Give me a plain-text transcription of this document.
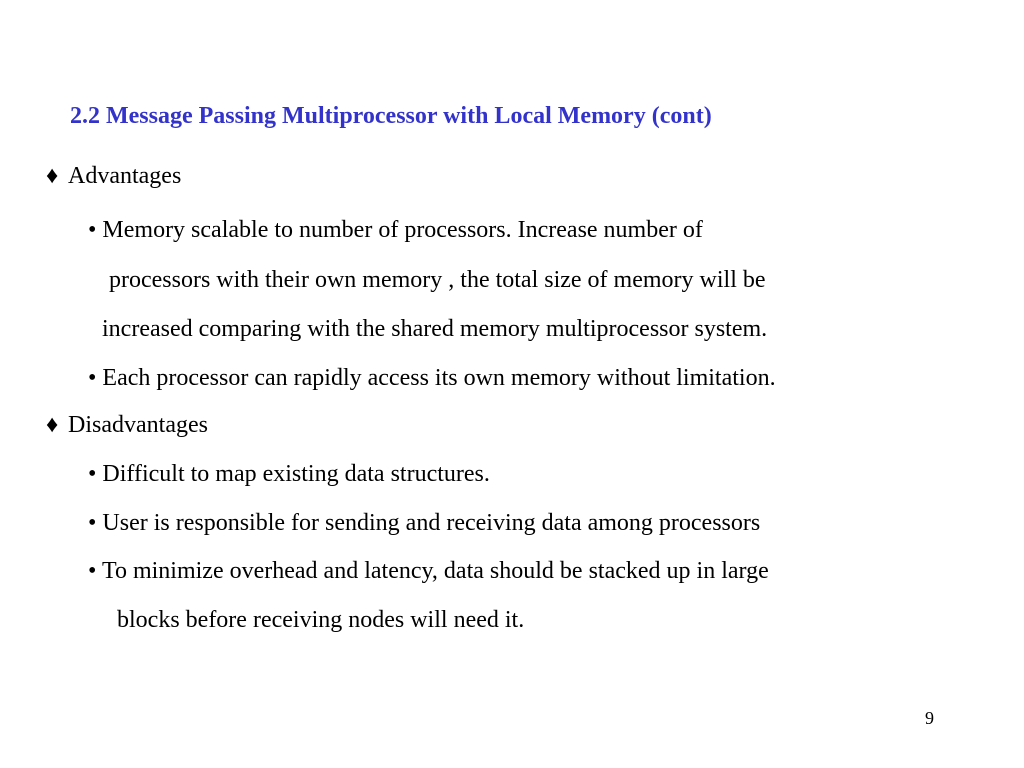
2.2 Message Passing Multiprocessor with Local Memory (cont)
♦ Advantages
• Memory scalable to number of processors. Increase number of
processors with their own memory , the total size of memory will be
increased comparing with the shared memory multiprocessor system.
• Each processor can rapidly access its own memory without limitation.
♦ Disadvantages
• Difficult to map existing data structures.
• User is responsible for sending and receiving data among processors
• To minimize overhead and latency, data should be stacked up in large
blocks before receiving nodes will need it.
9
